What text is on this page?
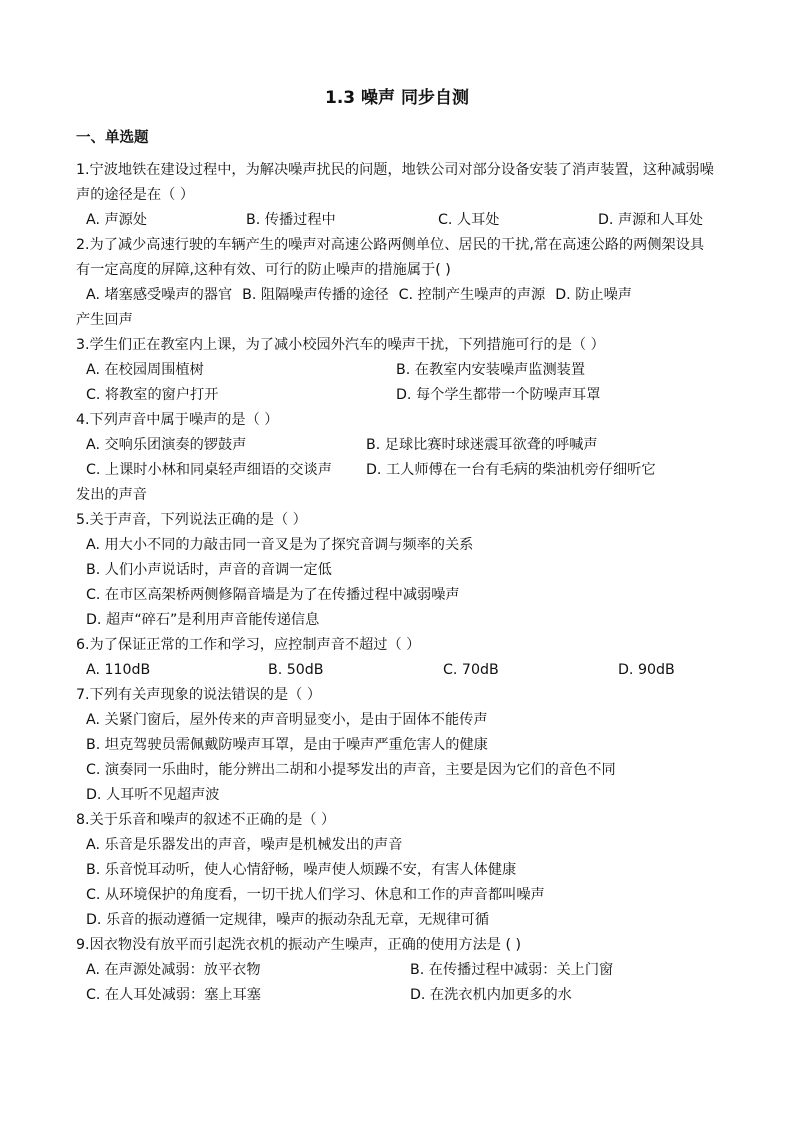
1.3 噪声 同步自测
一、单选题
1.宁波地铁在建设过程中，为解决噪声扰民的问题，地铁公司对部分设备安装了消声装置，这种减弱噪声的途径是在（ ）
A. 声源处	B. 传播过程中	C. 人耳处	D. 声源和人耳处
2.为了减少高速行驶的车辆产生的噪声对高速公路两侧单位、居民的干扰,常在高速公路的两侧架设具有一定高度的屏障,这种有效、可行的防止噪声的措施属于( )
A. 堵塞感受噪声的器官 B. 阻隔噪声传播的途径 C. 控制产生噪声的声源 D. 防止噪声
产生回声
3.学生们正在教室内上课，为了减小校园外汽车的噪声干扰，下列措施可行的是（ ）
A. 在校园周围植树	B. 在教室内安装噪声监测装置
C. 将教室的窗户打开	D. 每个学生都带一个防噪声耳罩
4.下列声音中属于噪声的是（ ）
A. 交响乐团演奏的锣鼓声	B. 足球比赛时球迷震耳欲聋的呼喊声
C. 上课时小林和同桌轻声细语的交谈声	D. 工人师傅在一台有毛病的柴油机旁仔细听它
发出的声音
5.关于声音，下列说法正确的是（ ）
A. 用大小不同的力敲击同一音叉是为了探究音调与频率的关系
B. 人们小声说话时，声音的音调一定低
C. 在市区高架桥两侧修隔音墙是为了在传播过程中减弱噪声
D. 超声“碎石”是利用声音能传递信息
6.为了保证正常的工作和学习，应控制声音不超过（ ）
A. 110dB	B. 50dB	C. 70dB	D. 90dB
7.下列有关声现象的说法错误的是（ ）
A. 关紧门窗后，屋外传来的声音明显变小，是由于固体不能传声
B. 坦克驾驶员需佩戴防噪声耳罩，是由于噪声严重危害人的健康
C. 演奏同一乐曲时，能分辨出二胡和小提琴发出的声音，主要是因为它们的音色不同
D. 人耳听不见超声波
8.关于乐音和噪声的叙述不正确的是（ ）
A. 乐音是乐器发出的声音，噪声是机械发出的声音
B. 乐音悦耳动听，使人心情舒畅，噪声使人烦躁不安，有害人体健康
C. 从环境保护的角度看，一切干扰人们学习、休息和工作的声音都叫噪声
D. 乐音的振动遵循一定规律，噪声的振动杂乱无章，无规律可循
9.因衣物没有放平而引起洗衣机的振动产生噪声，正确的使用方法是 ( )
A. 在声源处减弱：放平衣物	B. 在传播过程中减弱：关上门窗
C. 在人耳处减弱：塞上耳塞	D. 在洗衣机内加更多的水
